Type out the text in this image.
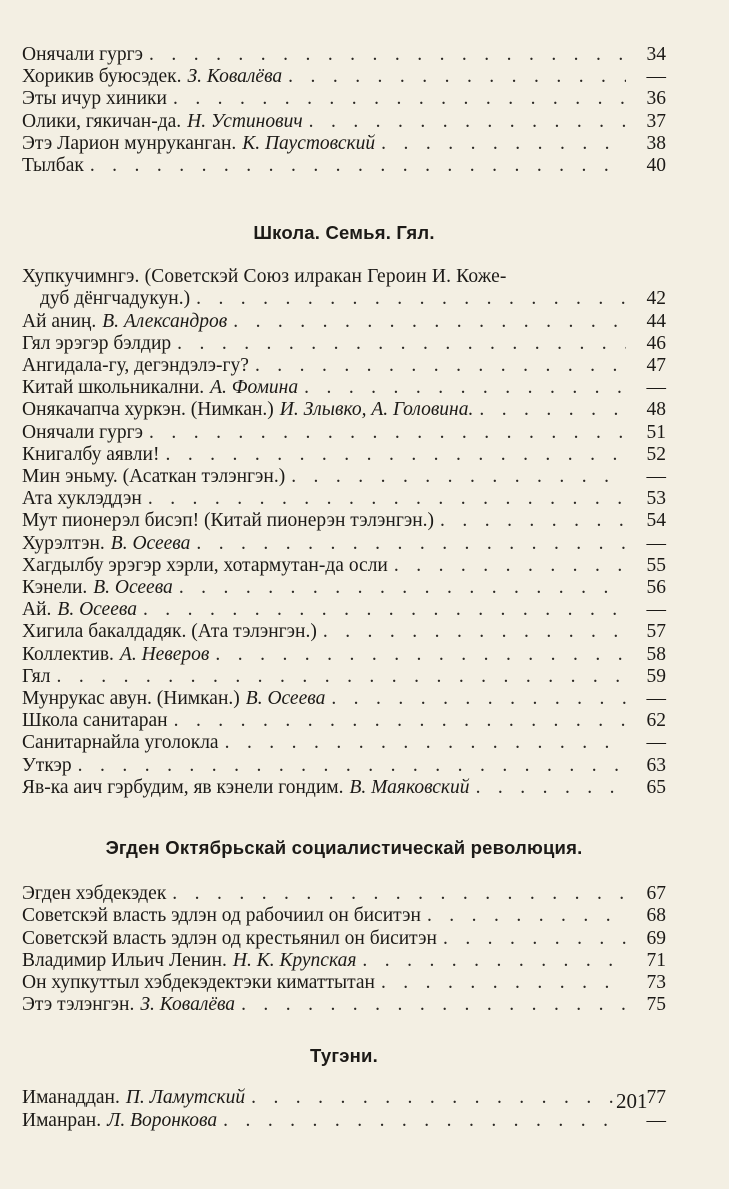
Онячали гургэ . . .	34
Хорикив буюсэдек. З. Ковалёва . . .	—
Эты ичур хиники . . .	36
Олики, гякичан-да. Н. Устинович . . .	37
Этэ Ларион мунруканган. К. Паустовский . . .	38
Тылбак . . .	40
Школа. Семья. Гял.
Хупкучимнгэ. (Советскэй Союз илракан Героин И. Коже-
дуб дёнгчадукун.) . . .	42
Ай аниң. В. Александров . . .	44
Гял эрэгэр бэлдир . . .	46
Ангидала-гу, дегэндэлэ-гу? . . .	47
Китай школьникални. А. Фомина . . .	—
Онякачапча хуркэн. (Нимкан.) И. Злывко, А. Головина. . . .	48
Онячали гургэ . . .	51
Книгалбу аявли! . . .	52
Мин эньму. (Асаткан тэлэнгэн.) . . .	—
Ата хуклэддэн . . .	53
Мут пионерэл бисэп! (Китай пионерэн тэлэнгэн.) . . .	54
Хурэлтэн. В. Осеева . . .	—
Хагдылбу эрэгэр хэрли, хотармутан-да осли . . .	55
Кэнели. В. Осеева . . .	56
Ай. В. Осеева . . .	—
Хигила бакалдадяк. (Ата тэлэнгэн.) . . .	57
Коллектив. А. Неверов . . .	58
Гял . . .	59
Мунрукас авун. (Нимкан.) В. Осеева . . .	—
Школа санитаран . . .	62
Санитарнайла уголокла . . .	—
Уткэр . . .	63
Яв-ка аич гэрбудим, яв кэнели гондим. В. Маяковский . . .	65
Эгден Октябрьскай социалистическай революция.
Эгден хэбдекэдек . . .	67
Советскэй власть эдлэн од рабочиил он биситэн . . .	68
Советскэй власть эдлэн од крестьянил он биситэн . . .	69
Владимир Ильич Ленин. Н. К. Крупская . . .	71
Он хупкуттыл хэбдекэдектэки киматтытан . . .	73
Этэ тэлэнгэн. З. Ковалёва . . .	75
Тугэни.
Иманаддан. П. Ламутский . . .	77
Иманран. Л. Воронкова . . .	—
201
